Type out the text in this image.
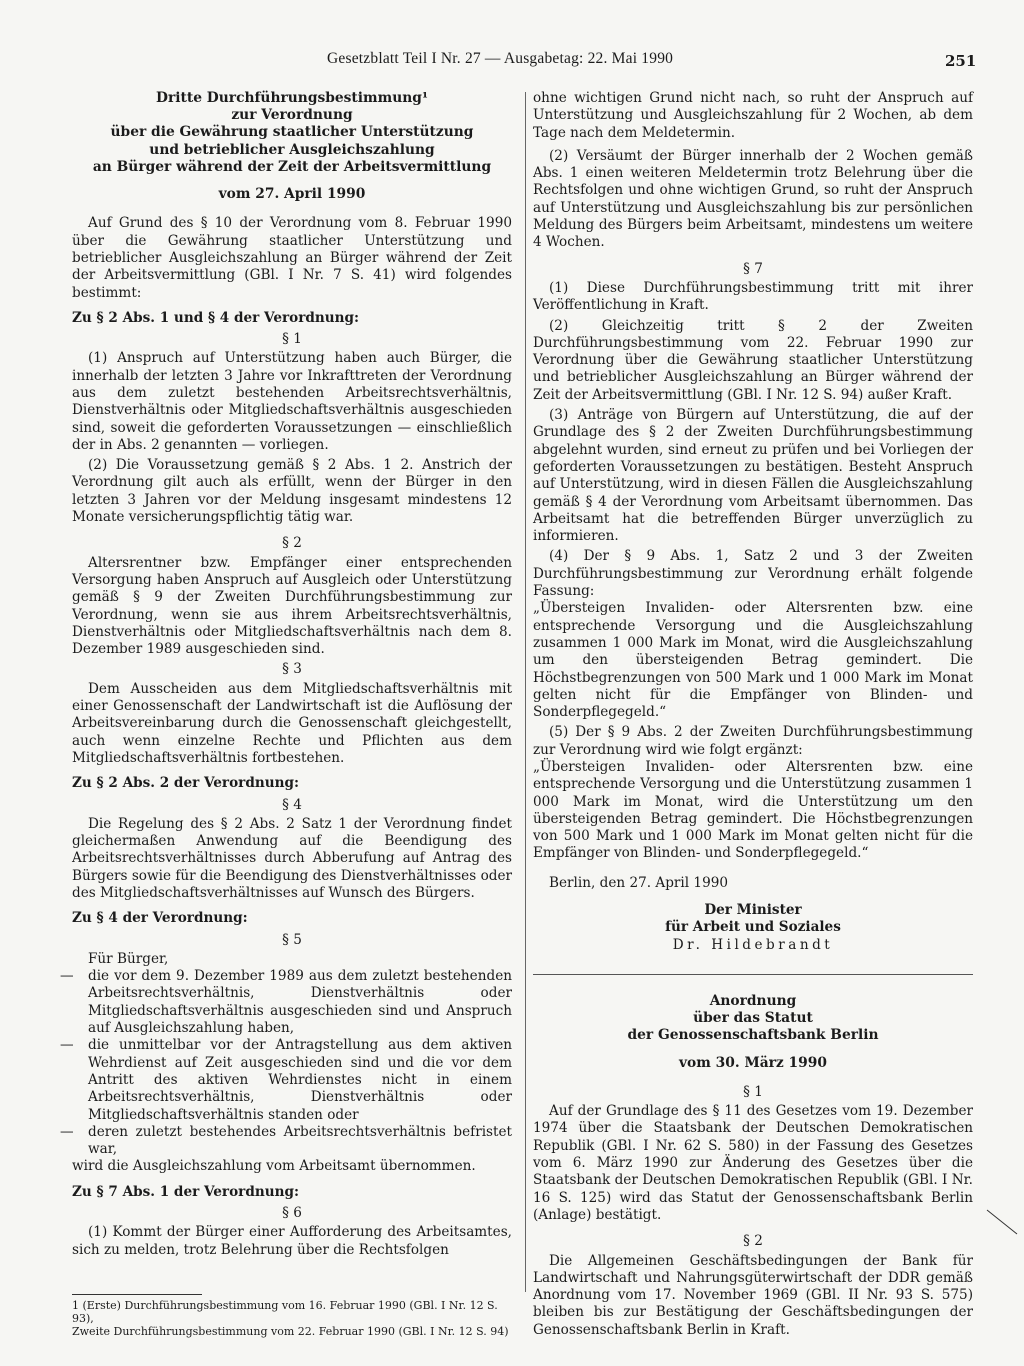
Gesetzblatt Teil I Nr. 27 — Ausgabetag: 22. Mai 1990	251
Dritte Durchführungsbestimmung¹
zur Verordnung
über die Gewährung staatlicher Unterstützung
und betrieblicher Ausgleichszahlung
an Bürger während der Zeit der Arbeitsvermittlung
vom 27. April 1990

Auf Grund des § 10 der Verordnung vom 8. Februar 1990 über die Gewährung staatlicher Unterstützung und betrieblicher Ausgleichszahlung an Bürger während der Zeit der Arbeitsvermittlung (GBl. I Nr. 7 S. 41) wird folgendes bestimmt:

Zu § 2 Abs. 1 und § 4 der Verordnung:
§ 1

(1) Anspruch auf Unterstützung haben auch Bürger, die innerhalb der letzten 3 Jahre vor Inkrafttreten der Verordnung aus dem zuletzt bestehenden Arbeitsrechtsverhältnis, Dienstverhältnis oder Mitgliedschaftsverhältnis ausgeschieden sind, soweit die geforderten Voraussetzungen — einschließlich der in Abs. 2 genannten — vorliegen.

(2) Die Voraussetzung gemäß § 2 Abs. 1 2. Anstrich der Verordnung gilt auch als erfüllt, wenn der Bürger in den letzten 3 Jahren vor der Meldung insgesamt mindestens 12 Monate versicherungspflichtig tätig war.

§ 2

Altersrentner bzw. Empfänger einer entsprechenden Versorgung haben Anspruch auf Ausgleich oder Unterstützung gemäß § 9 der Zweiten Durchführungsbestimmung zur Verordnung, wenn sie aus ihrem Arbeitsrechtsverhältnis, Dienstverhältnis oder Mitgliedschaftsverhältnis nach dem 8. Dezember 1989 ausgeschieden sind.

§ 3

Dem Ausscheiden aus dem Mitgliedschaftsverhältnis mit einer Genossenschaft der Landwirtschaft ist die Auflösung der Arbeitsvereinbarung durch die Genossenschaft gleichgestellt, auch wenn einzelne Rechte und Pflichten aus dem Mitgliedschaftsverhältnis fortbestehen.

Zu § 2 Abs. 2 der Verordnung:
§ 4

Die Regelung des § 2 Abs. 2 Satz 1 der Verordnung findet gleichermaßen Anwendung auf die Beendigung des Arbeitsrechtsverhältnisses durch Abberufung auf Antrag des Bürgers sowie für die Beendigung des Dienstverhältnisses oder des Mitgliedschaftsverhältnisses auf Wunsch des Bürgers.

Zu § 4 der Verordnung:
§ 5

Für Bürger,

— die vor dem 9. Dezember 1989 aus dem zuletzt bestehenden Arbeitsrechtsverhältnis, Dienstverhältnis oder Mitgliedschaftsverhältnis ausgeschieden sind und Anspruch auf Ausgleichszahlung haben,
— die unmittelbar vor der Antragstellung aus dem aktiven Wehrdienst auf Zeit ausgeschieden sind und die vor dem Antritt des aktiven Wehrdienstes nicht in einem Arbeitsrechtsverhältnis, Dienstverhältnis oder Mitgliedschaftsverhältnis standen oder
— deren zuletzt bestehendes Arbeitsrechtsverhältnis befristet war,

wird die Ausgleichszahlung vom Arbeitsamt übernommen.

Zu § 7 Abs. 1 der Verordnung:
§ 6

(1) Kommt der Bürger einer Aufforderung des Arbeitsamtes, sich zu melden, trotz Belehrung über die Rechtsfolgen

1 (Erste) Durchführungsbestimmung vom 16. Februar 1990 (GBl. I Nr. 12 S. 93),
Zweite Durchführungsbestimmung vom 22. Februar 1990 (GBl. I Nr. 12 S. 94)

ohne wichtigen Grund nicht nach, so ruht der Anspruch auf Unterstützung und Ausgleichszahlung für 2 Wochen, ab dem Tage nach dem Meldetermin.

(2) Versäumt der Bürger innerhalb der 2 Wochen gemäß Abs. 1 einen weiteren Meldetermin trotz Belehrung über die Rechtsfolgen und ohne wichtigen Grund, so ruht der Anspruch auf Unterstützung und Ausgleichszahlung bis zur persönlichen Meldung des Bürgers beim Arbeitsamt, mindestens um weitere 4 Wochen.

§ 7

(1) Diese Durchführungsbestimmung tritt mit ihrer Veröffentlichung in Kraft.

(2) Gleichzeitig tritt § 2 der Zweiten Durchführungsbestimmung vom 22. Februar 1990 zur Verordnung über die Gewährung staatlicher Unterstützung und betrieblicher Ausgleichszahlung an Bürger während der Zeit der Arbeitsvermittlung (GBl. I Nr. 12 S. 94) außer Kraft.

(3) Anträge von Bürgern auf Unterstützung, die auf der Grundlage des § 2 der Zweiten Durchführungsbestimmung abgelehnt wurden, sind erneut zu prüfen und bei Vorliegen der geforderten Voraussetzungen zu bestätigen. Besteht Anspruch auf Unterstützung, wird in diesen Fällen die Ausgleichszahlung gemäß § 4 der Verordnung vom Arbeitsamt übernommen. Das Arbeitsamt hat die betreffenden Bürger unverzüglich zu informieren.

(4) Der § 9 Abs. 1, Satz 2 und 3 der Zweiten Durchführungsbestimmung zur Verordnung erhält folgende Fassung:

„Übersteigen Invaliden- oder Altersrenten bzw. eine entsprechende Versorgung und die Ausgleichszahlung zusammen 1 000 Mark im Monat, wird die Ausgleichszahlung um den übersteigenden Betrag gemindert. Die Höchstbegrenzungen von 500 Mark und 1 000 Mark im Monat gelten nicht für die Empfänger von Blinden- und Sonderpflegegeld.“

(5) Der § 9 Abs. 2 der Zweiten Durchführungsbestimmung zur Verordnung wird wie folgt ergänzt:

„Übersteigen Invaliden- oder Altersrenten bzw. eine entsprechende Versorgung und die Unterstützung zusammen 1 000 Mark im Monat, wird die Unterstützung um den übersteigenden Betrag gemindert. Die Höchstbegrenzungen von 500 Mark und 1 000 Mark im Monat gelten nicht für die Empfänger von Blinden- und Sonderpflegegeld.“

Berlin, den 27. April 1990

Der Minister
für Arbeit und Soziales
Dr. Hildebrandt
Anordnung
über das Statut
der Genossenschaftsbank Berlin
vom 30. März 1990
§ 1

Auf der Grundlage des § 11 des Gesetzes vom 19. Dezember 1974 über die Staatsbank der Deutschen Demokratischen Republik (GBl. I Nr. 62 S. 580) in der Fassung des Gesetzes vom 6. März 1990 zur Änderung des Gesetzes über die Staatsbank der Deutschen Demokratischen Republik (GBl. I Nr. 16 S. 125) wird das Statut der Genossenschaftsbank Berlin (Anlage) bestätigt.

§ 2

Die Allgemeinen Geschäftsbedingungen der Bank für Landwirtschaft und Nahrungsgüterwirtschaft der DDR gemäß Anordnung vom 17. November 1969 (GBl. II Nr. 93 S. 575) bleiben bis zur Bestätigung der Geschäftsbedingungen der Genossenschaftsbank Berlin in Kraft.
